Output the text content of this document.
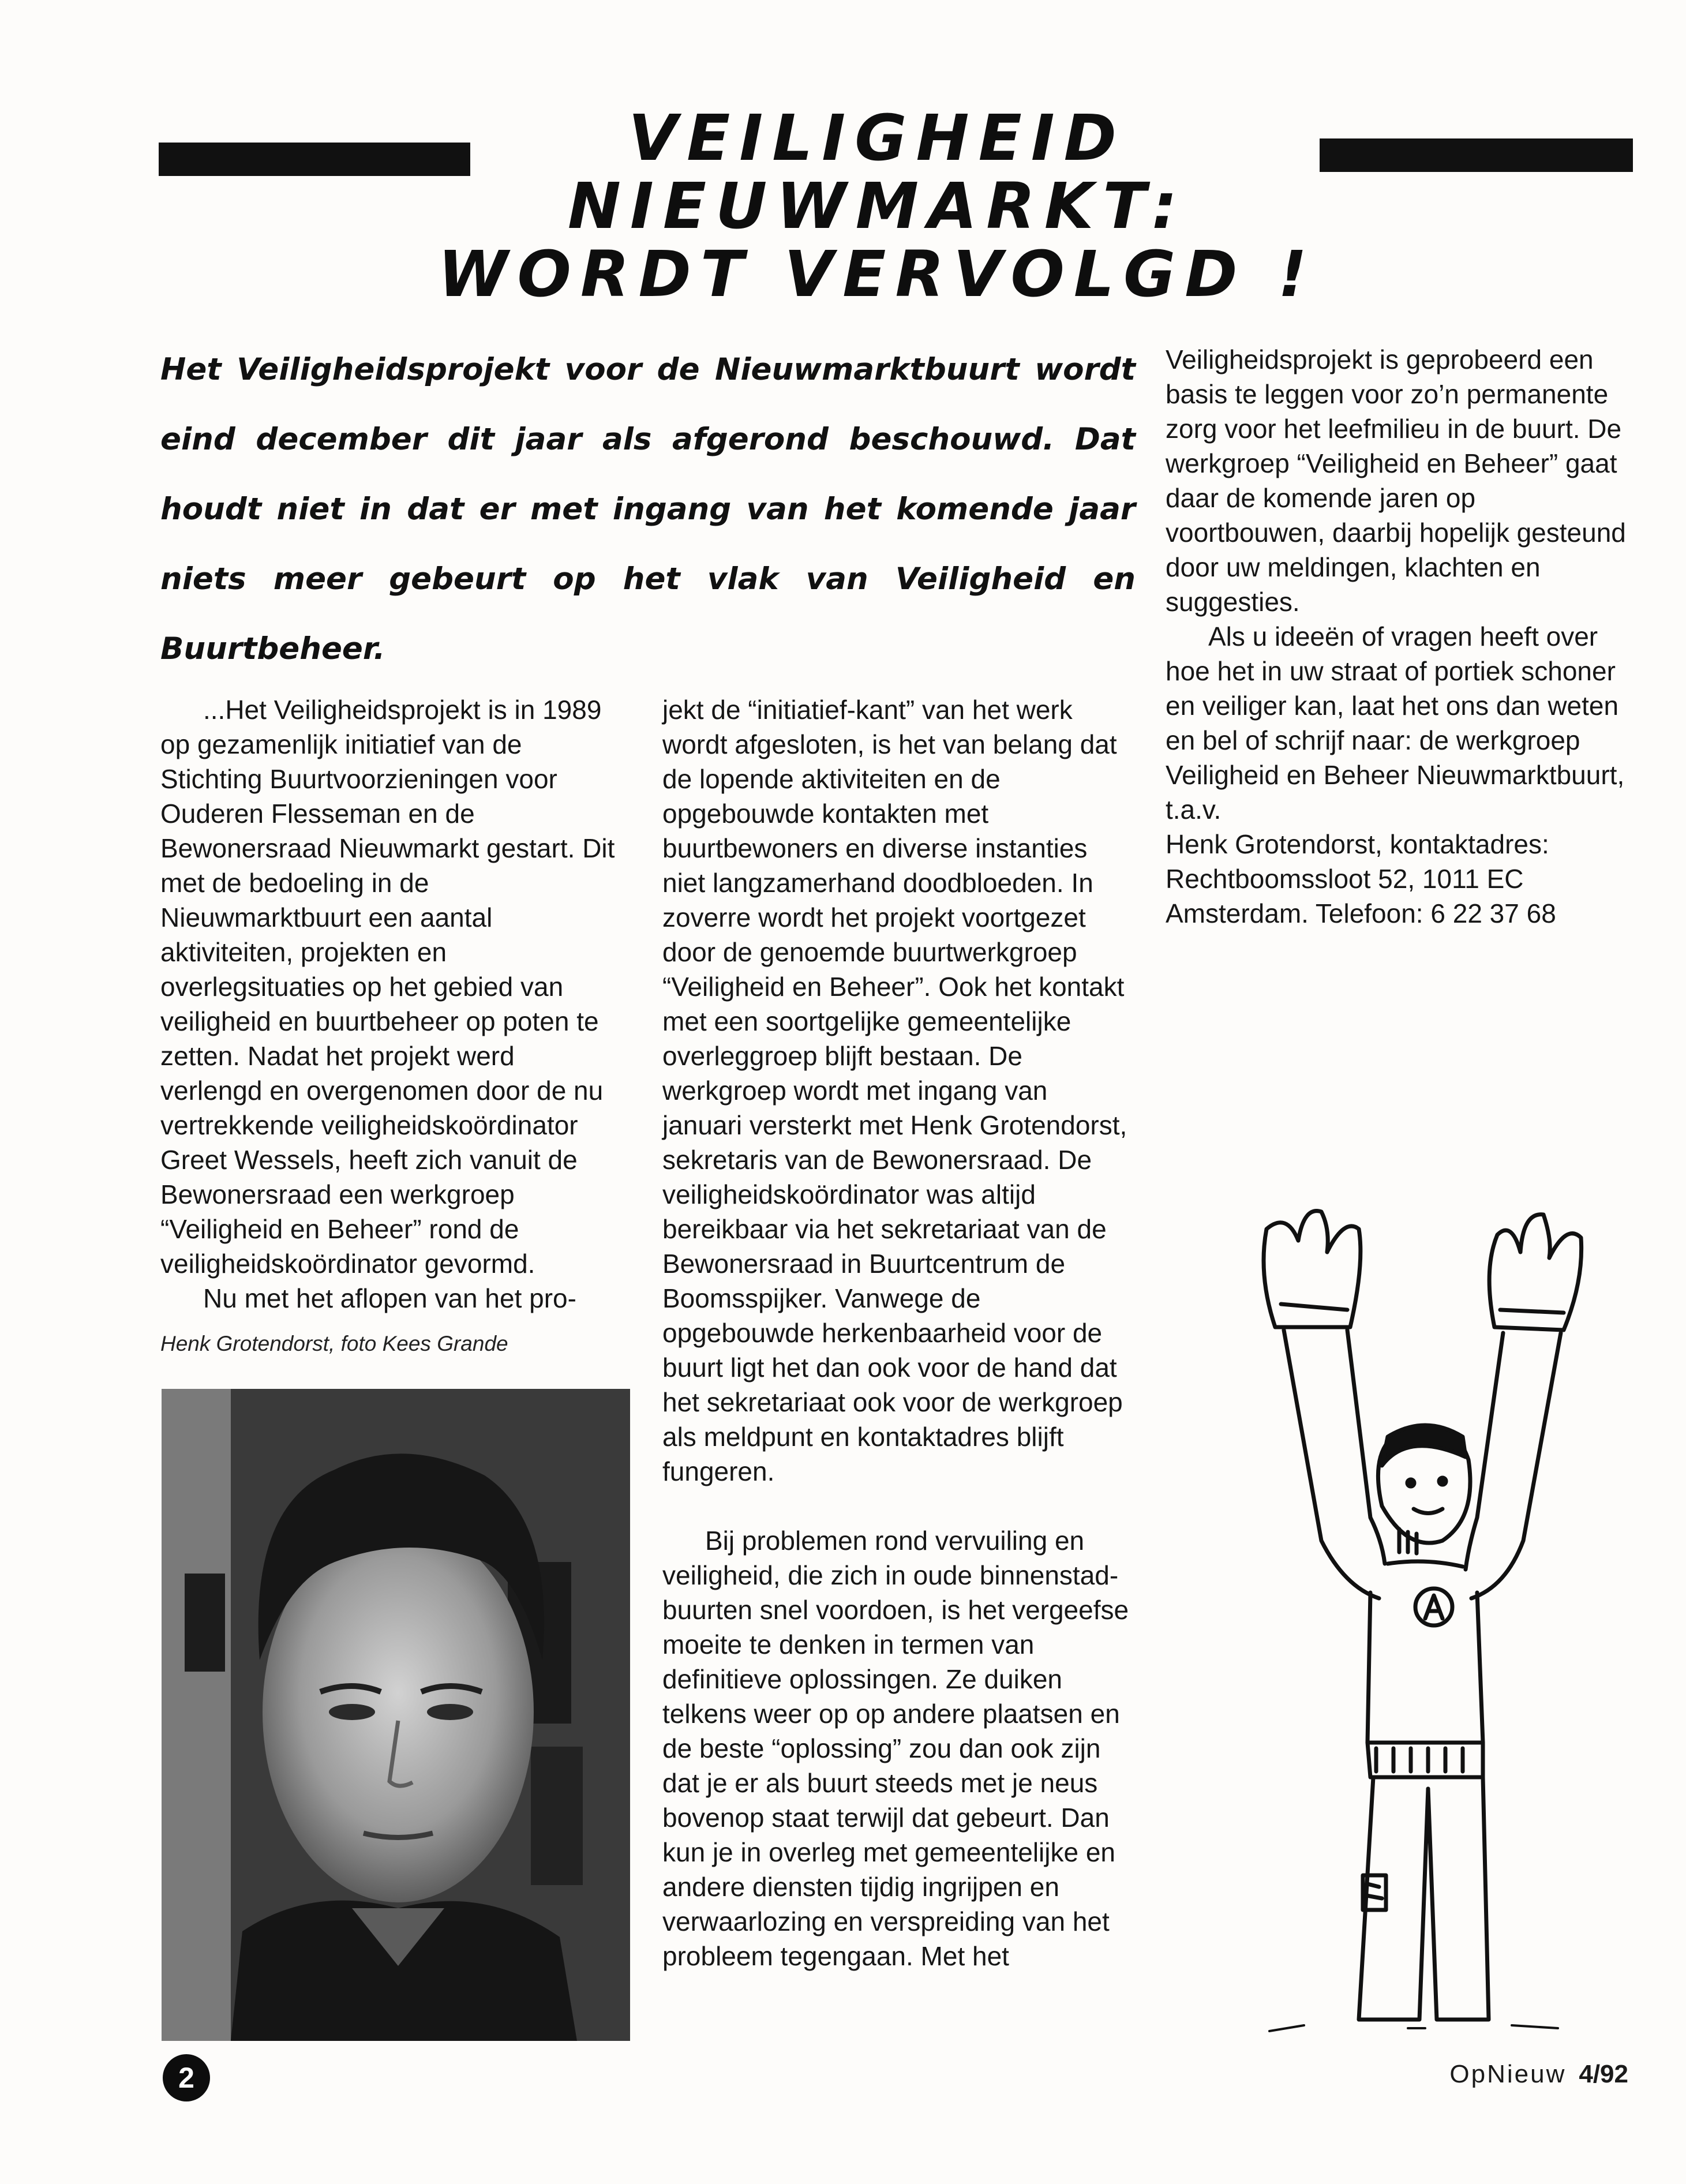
VEILIGHEID
NIEUWMARKT:
WORDT VERVOLGD !

Het Veiligheidsprojekt voor de Nieuwmarktbuurt wordt eind december dit jaar als afgerond beschouwd. Dat houdt niet in dat er met ingang van het komende jaar niets meer gebeurt op het vlak van Veiligheid en Buurtbeheer.

...Het Veiligheidsprojekt is in 1989 op gezamenlijk initiatief van de Stichting Buurtvoorzieningen voor Ouderen Flesseman en de Bewonersraad Nieuwmarkt gestart. Dit met de bedoeling in de Nieuwmarktbuurt een aantal aktiviteiten, projekten en overlegsituaties op het gebied van veiligheid en buurtbeheer op poten te zetten. Nadat het projekt werd verlengd en overgenomen door de nu vertrekkende veiligheidskoördinator Greet Wessels, heeft zich vanuit de Bewonersraad een werkgroep “Veiligheid en Beheer” rond de veiligheidskoördinator gevormd.

Nu met het aflopen van het pro-

Henk Grotendorst, foto Kees Grande

jekt de “initiatief-kant” van het werk wordt afgesloten, is het van belang dat de lopende aktiviteiten en de opgebouwde kontakten met buurtbewoners en diverse instanties niet langzamerhand doodbloeden. In zoverre wordt het projekt voortgezet door de genoemde buurtwerkgroep “Veiligheid en Beheer”. Ook het kontakt met een soortgelijke gemeentelijke overleggroep blijft bestaan. De werkgroep wordt met ingang van januari versterkt met Henk Grotendorst, sekretaris van de Bewonersraad. De veiligheidskoördinator was altijd bereikbaar via het sekretariaat van de Bewonersraad in Buurtcentrum de Boomsspijker. Vanwege de opgebouwde herkenbaarheid voor de buurt ligt het dan ook voor de hand dat het sekretariaat ook voor de werkgroep als meldpunt en kontaktadres blijft fungeren.

Bij problemen rond vervuiling en veiligheid, die zich in oude binnenstad-buurten snel voordoen, is het vergeefse moeite te denken in termen van definitieve oplossingen. Ze duiken telkens weer op op andere plaatsen en de beste “oplossing” zou dan ook zijn dat je er als buurt steeds met je neus bovenop staat terwijl dat gebeurt. Dan kun je in overleg met gemeentelijke en andere diensten tijdig ingrijpen en verwaarlozing en verspreiding van het probleem tegengaan. Met het

Veiligheidsprojekt is geprobeerd een basis te leggen voor zo’n permanente zorg voor het leefmilieu in de buurt. De werkgroep “Veiligheid en Beheer” gaat daar de komende jaren op voortbouwen, daarbij hopelijk gesteund door uw meldingen, klachten en suggesties.

Als u ideeën of vragen heeft over hoe het in uw straat of portiek schoner en veiliger kan, laat het ons dan weten en bel of schrijf naar: de werkgroep Veiligheid en Beheer Nieuwmarktbuurt, t.a.v.

Henk Grotendorst, kontaktadres:

Rechtboomssloot 52, 1011 EC

Amsterdam. Telefoon: 6 22 37 68

2	OpNieuw 4/92
